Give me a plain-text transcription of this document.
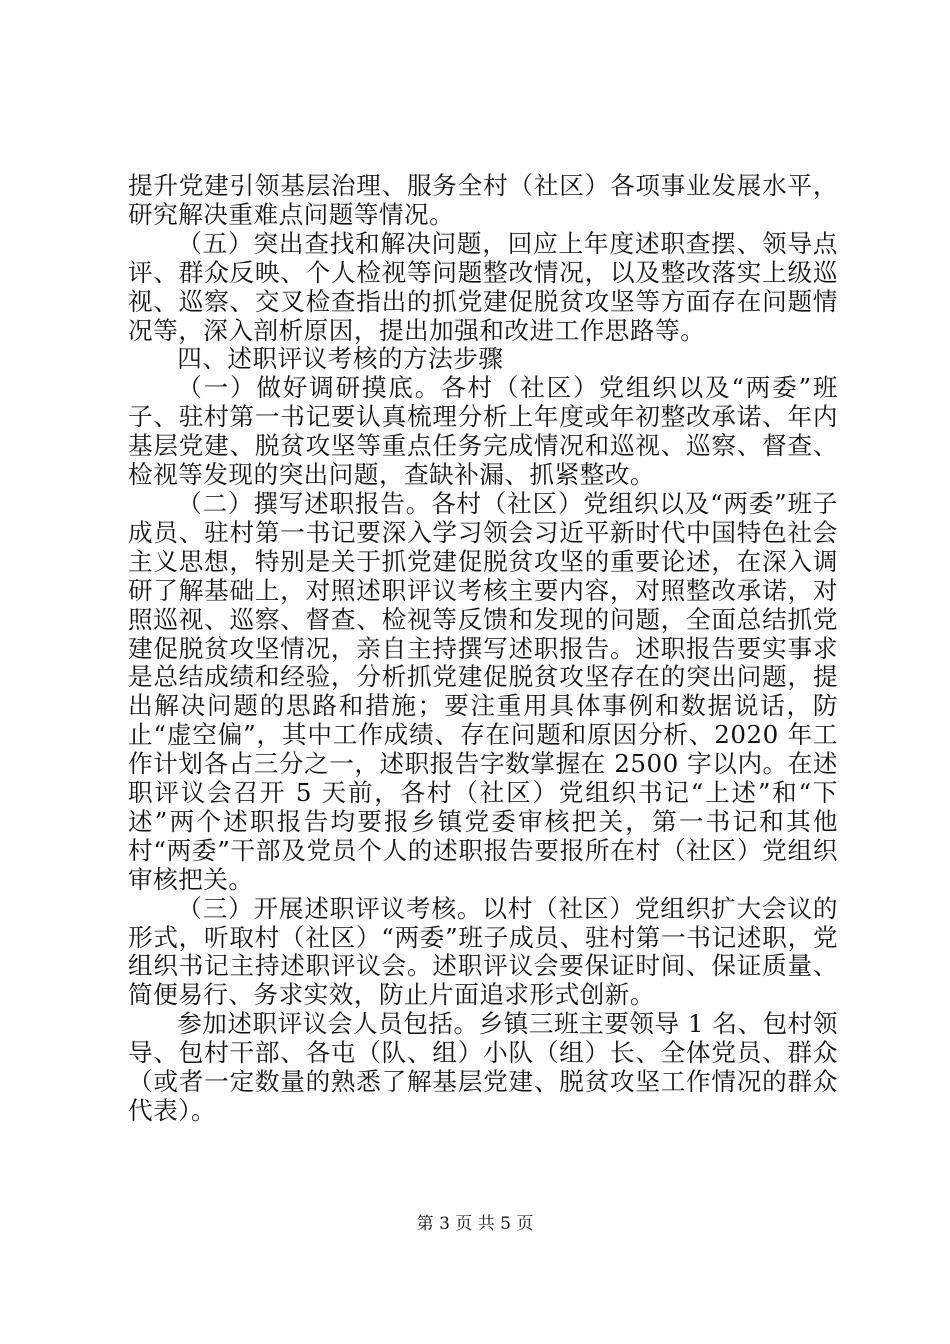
提升党建引领基层治理、服务全村（社区）各项事业发展水平，研究解决重难点问题等情况。

（五）突出查找和解决问题，回应上年度述职查摆、领导点评、群众反映、个人检视等问题整改情况，以及整改落实上级巡视、巡察、交叉检查指出的抓党建促脱贫攻坚等方面存在问题情况等，深入剖析原因，提出加强和改进工作思路等。

四、述职评议考核的方法步骤

（一）做好调研摸底。各村（社区）党组织以及“两委”班子、驻村第一书记要认真梳理分析上年度或年初整改承诺、年内基层党建、脱贫攻坚等重点任务完成情况和巡视、巡察、督查、检视等发现的突出问题，查缺补漏、抓紧整改。

（二）撰写述职报告。各村（社区）党组织以及“两委”班子成员、驻村第一书记要深入学习领会习近平新时代中国特色社会主义思想，特别是关于抓党建促脱贫攻坚的重要论述，在深入调研了解基础上，对照述职评议考核主要内容，对照整改承诺，对照巡视、巡察、督查、检视等反馈和发现的问题，全面总结抓党建促脱贫攻坚情况，亲自主持撰写述职报告。述职报告要实事求是总结成绩和经验，分析抓党建促脱贫攻坚存在的突出问题，提出解决问题的思路和措施；要注重用具体事例和数据说话，防止“虚空偏”，其中工作成绩、存在问题和原因分析、2020 年工作计划各占三分之一，述职报告字数掌握在 2500 字以内。在述职评议会召开 5 天前，各村（社区）党组织书记“上述”和“下述”两个述职报告均要报乡镇党委审核把关，第一书记和其他村“两委”干部及党员个人的述职报告要报所在村（社区）党组织审核把关。

（三）开展述职评议考核。以村（社区）党组织扩大会议的形式，听取村（社区）“两委”班子成员、驻村第一书记述职，党组织书记主持述职评议会。述职评议会要保证时间、保证质量、简便易行、务求实效，防止片面追求形式创新。

参加述职评议会人员包括。乡镇三班主要领导 1 名、包村领导、包村干部、各屯（队、组）小队（组）长、全体党员、群众（或者一定数量的熟悉了解基层党建、脱贫攻坚工作情况的群众代表）。

第 3 页 共 5 页
